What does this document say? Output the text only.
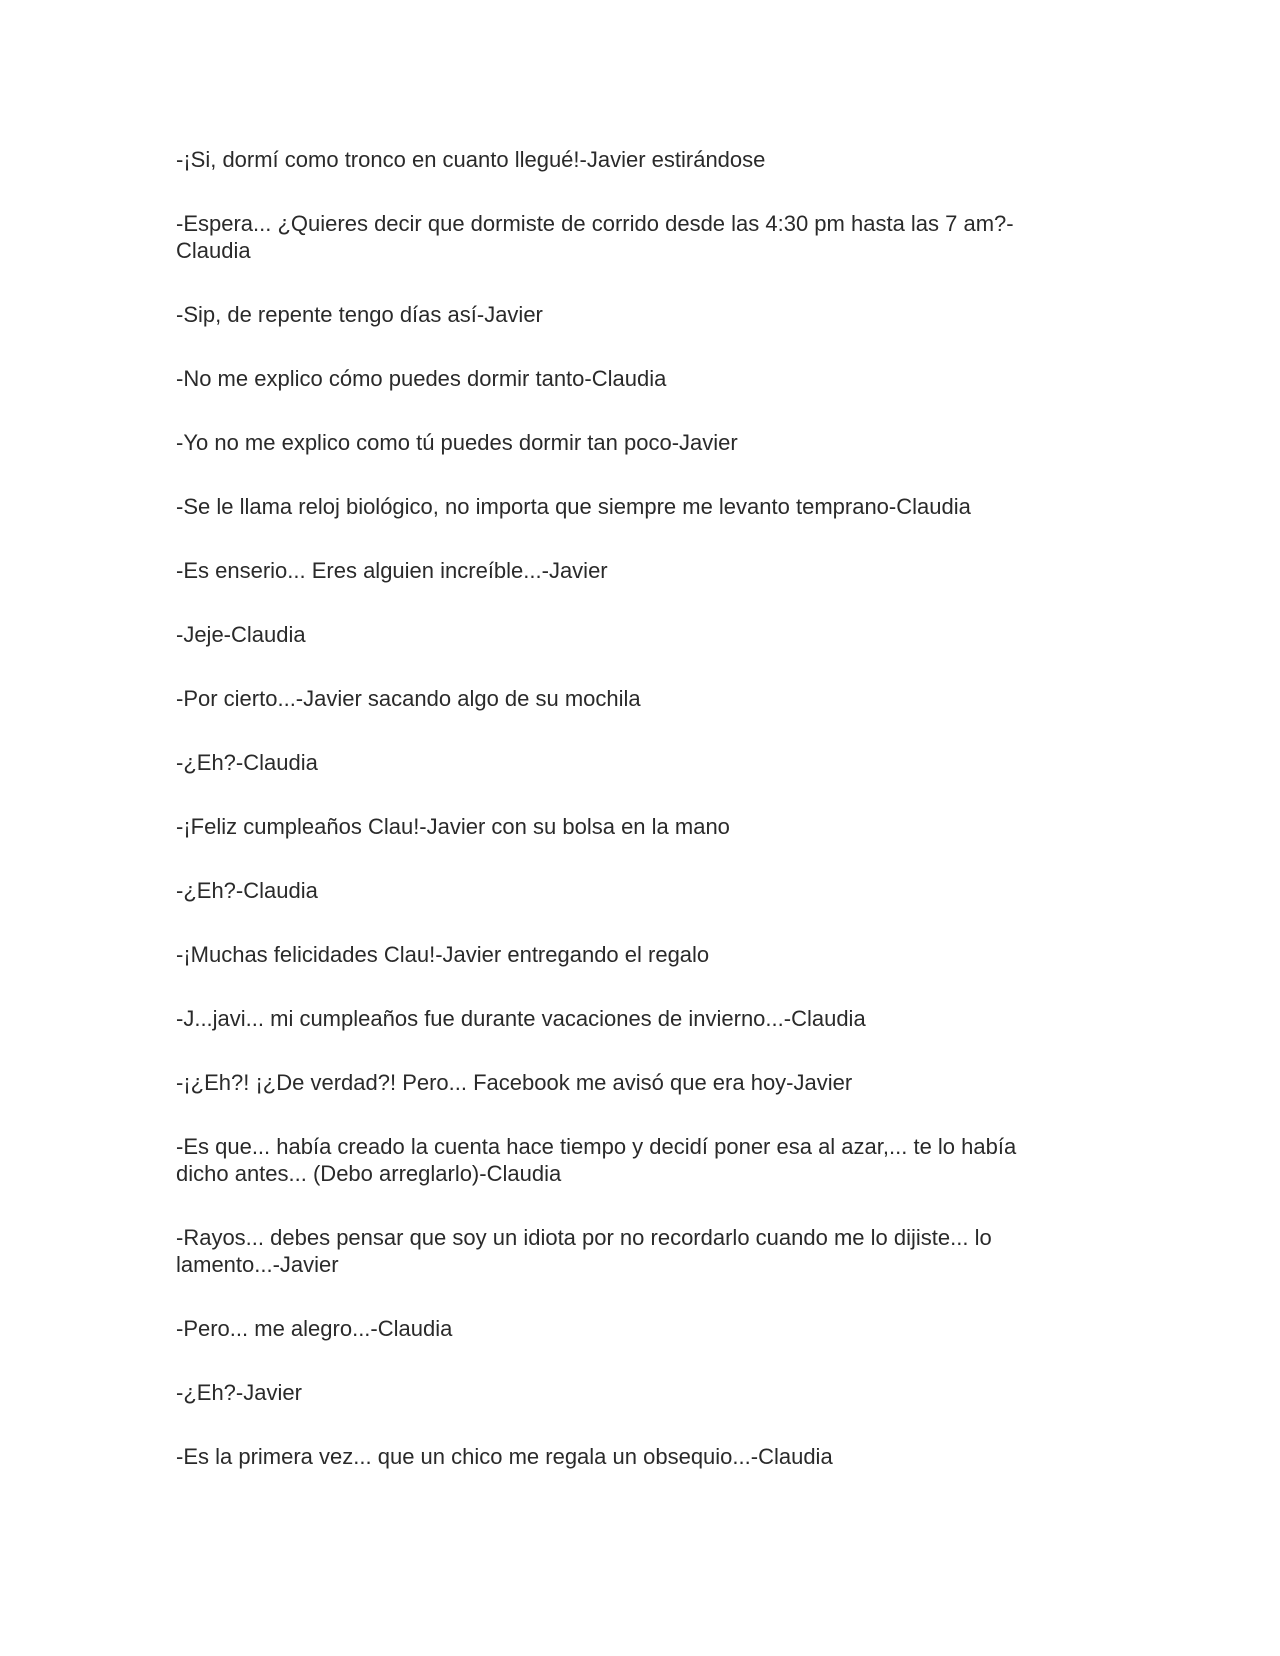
-¡Si, dormí como tronco en cuanto llegué!-Javier estirándose

-Espera... ¿Quieres decir que dormiste de corrido desde las 4:30 pm hasta las 7 am?-
Claudia

-Sip, de repente tengo días así-Javier

-No me explico cómo puedes dormir tanto-Claudia

-Yo no me explico como tú puedes dormir tan poco-Javier

-Se le llama reloj biológico, no importa que siempre me levanto temprano-Claudia

-Es enserio... Eres alguien increíble...-Javier

-Jeje-Claudia

-Por cierto...-Javier sacando algo de su mochila

-¿Eh?-Claudia

-¡Feliz cumpleaños Clau!-Javier con su bolsa en la mano

-¿Eh?-Claudia

-¡Muchas felicidades Clau!-Javier entregando el regalo

-J...javi... mi cumpleaños fue durante vacaciones de invierno...-Claudia

-¡¿Eh?! ¡¿De verdad?! Pero... Facebook me avisó que era hoy-Javier

-Es que... había creado la cuenta hace tiempo y decidí poner esa al azar,... te lo había
dicho antes... (Debo arreglarlo)-Claudia

-Rayos... debes pensar que soy un idiota por no recordarlo cuando me lo dijiste... lo
lamento...-Javier

-Pero... me alegro...-Claudia

-¿Eh?-Javier

-Es la primera vez... que un chico me regala un obsequio...-Claudia
